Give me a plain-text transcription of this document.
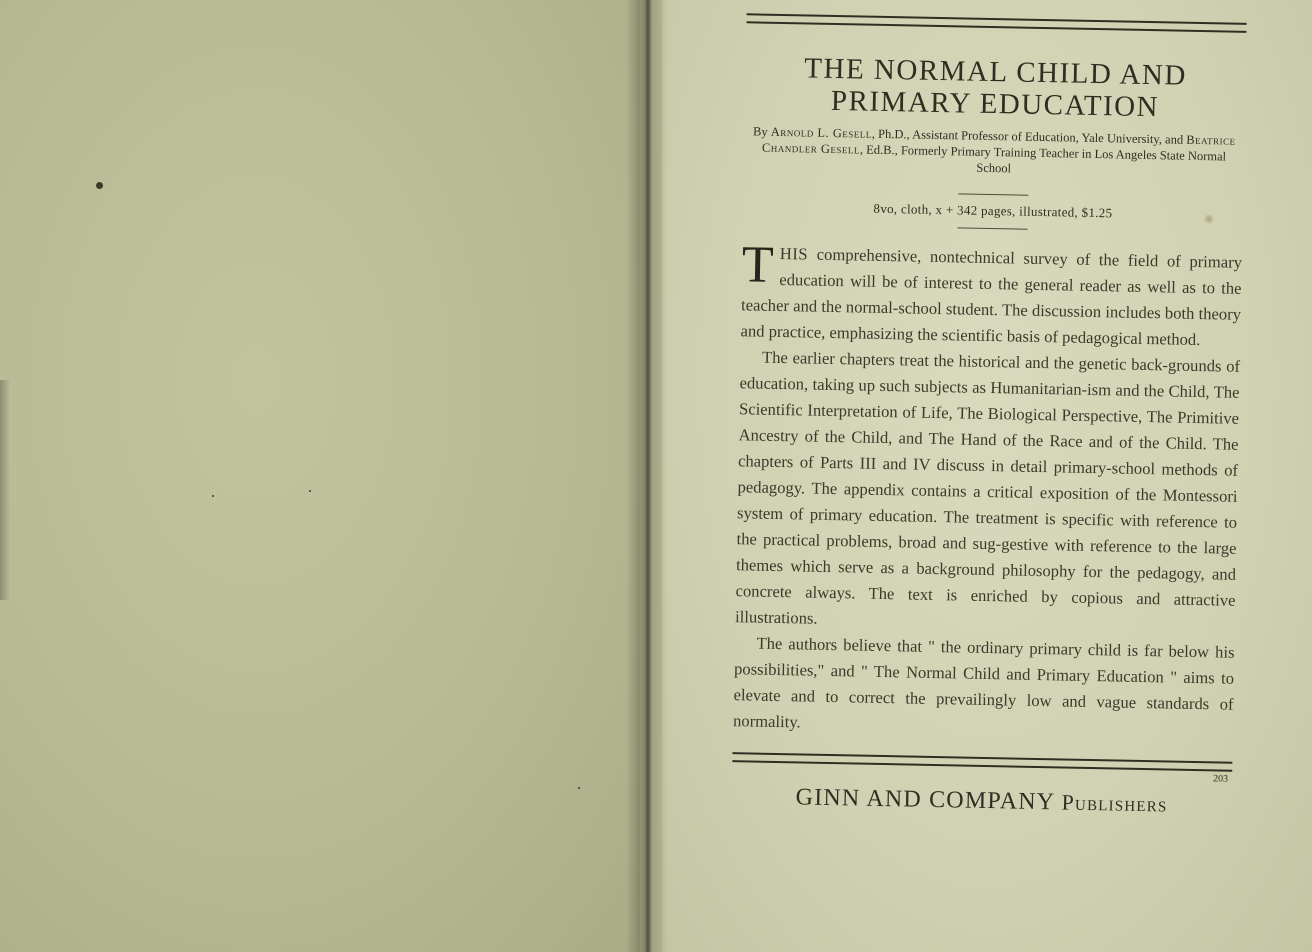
THE NORMAL CHILD AND
PRIMARY EDUCATION
By Arnold L. Gesell, Ph.D., Assistant Professor of Education, Yale University, and Beatrice Chandler Gesell, Ed.B., Formerly Primary Training Teacher in Los Angeles State Normal School
8vo, cloth, x + 342 pages, illustrated, $1.25

THIS comprehensive, nontechnical survey of the field of primary education will be of interest to the general reader as well as to the teacher and the normal-school student. The discussion includes both theory and practice, emphasizing the scientific basis of pedagogical method.

The earlier chapters treat the historical and the genetic back-grounds of education, taking up such subjects as Humanitarian-ism and the Child, The Scientific Interpretation of Life, The Biological Perspective, The Primitive Ancestry of the Child, and The Hand of the Race and of the Child. The chapters of Parts III and IV discuss in detail primary-school methods of pedagogy. The appendix contains a critical exposition of the Montessori system of primary education. The treatment is specific with reference to the practical problems, broad and sug-gestive with reference to the large themes which serve as a background philosophy for the pedagogy, and concrete always. The text is enriched by copious and attractive illustrations.

The authors believe that " the ordinary primary child is far below his possibilities," and " The Normal Child and Primary Education " aims to elevate and to correct the prevailingly low and vague standards of normality.

203
GINN AND COMPANY Publishers
